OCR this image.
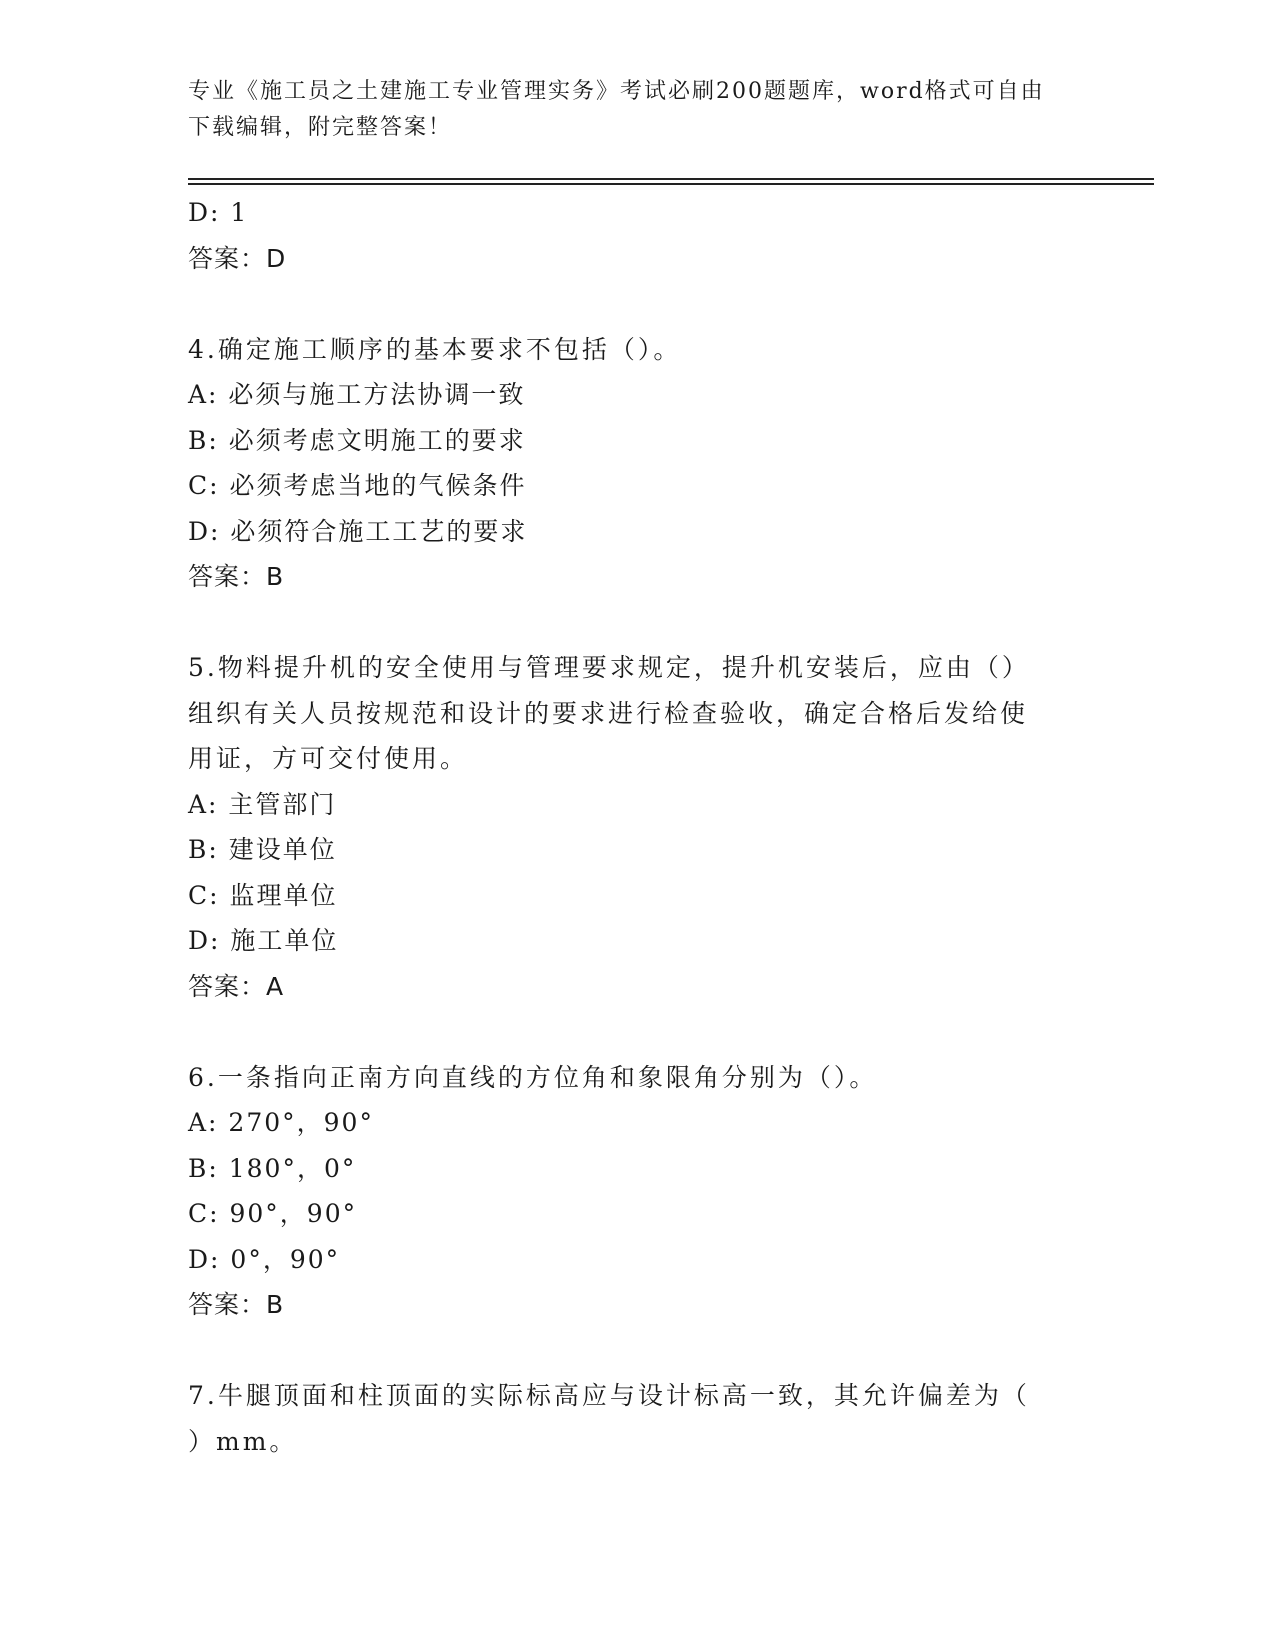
专业《施工员之土建施工专业管理实务》考试必刷200题题库，word格式可自由
下载编辑，附完整答案！
D: 1
答案：D
4.确定施工顺序的基本要求不包括（）。
A: 必须与施工方法协调一致
B: 必须考虑文明施工的要求
C: 必须考虑当地的气候条件
D: 必须符合施工工艺的要求
答案：B
5.物料提升机的安全使用与管理要求规定，提升机安装后，应由（）
组织有关人员按规范和设计的要求进行检查验收，确定合格后发给使
用证，方可交付使用。
A: 主管部门
B: 建设单位
C: 监理单位
D: 施工单位
答案：A
6.一条指向正南方向直线的方位角和象限角分别为（）。
A: 270°，90°
B: 180°，0°
C: 90°，90°
D: 0°，90°
答案：B
7.牛腿顶面和柱顶面的实际标高应与设计标高一致，其允许偏差为（
）mm。
